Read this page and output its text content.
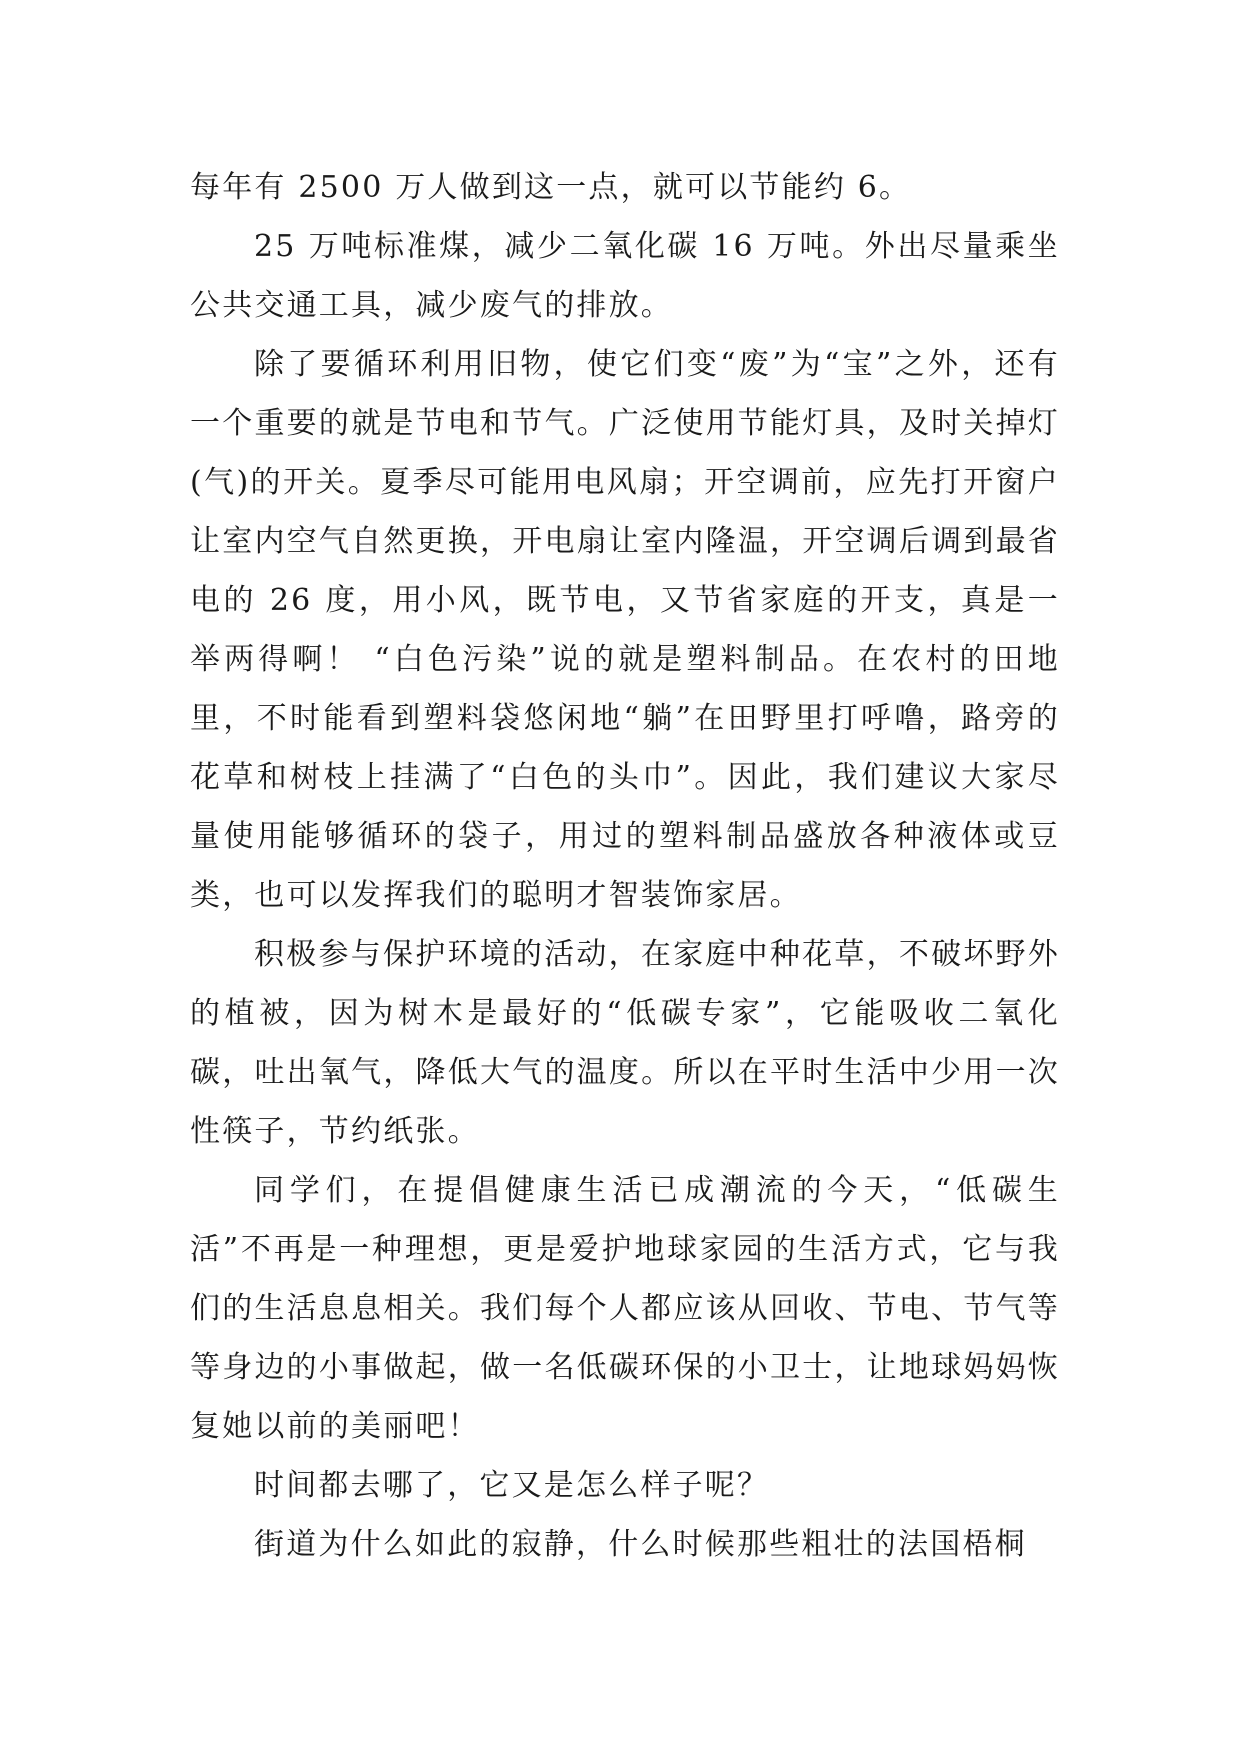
每年有 2500 万人做到这一点，就可以节能约 6。

25 万吨标准煤，减少二氧化碳 16 万吨。外出尽量乘坐公共交通工具，减少废气的排放。

除了要循环利用旧物，使它们变“废”为“宝”之外，还有一个重要的就是节电和节气。广泛使用节能灯具，及时关掉灯(气)的开关。夏季尽可能用电风扇；开空调前，应先打开窗户让室内空气自然更换，开电扇让室内隆温，开空调后调到最省电的 26 度，用小风，既节电，又节省家庭的开支，真是一举两得啊！ “白色污染”说的就是塑料制品。在农村的田地里，不时能看到塑料袋悠闲地“躺”在田野里打呼噜，路旁的花草和树枝上挂满了“白色的头巾”。因此，我们建议大家尽量使用能够循环的袋子，用过的塑料制品盛放各种液体或豆类，也可以发挥我们的聪明才智装饰家居。

积极参与保护环境的活动，在家庭中种花草，不破坏野外的植被，因为树木是最好的“低碳专家”，它能吸收二氧化碳，吐出氧气，降低大气的温度。所以在平时生活中少用一次性筷子，节约纸张。

同学们，在提倡健康生活已成潮流的今天，“低碳生活”不再是一种理想，更是爱护地球家园的生活方式，它与我们的生活息息相关。我们每个人都应该从回收、节电、节气等等身边的小事做起，做一名低碳环保的小卫士，让地球妈妈恢复她以前的美丽吧！

时间都去哪了，它又是怎么样子呢？

街道为什么如此的寂静，什么时候那些粗壮的法国梧桐
